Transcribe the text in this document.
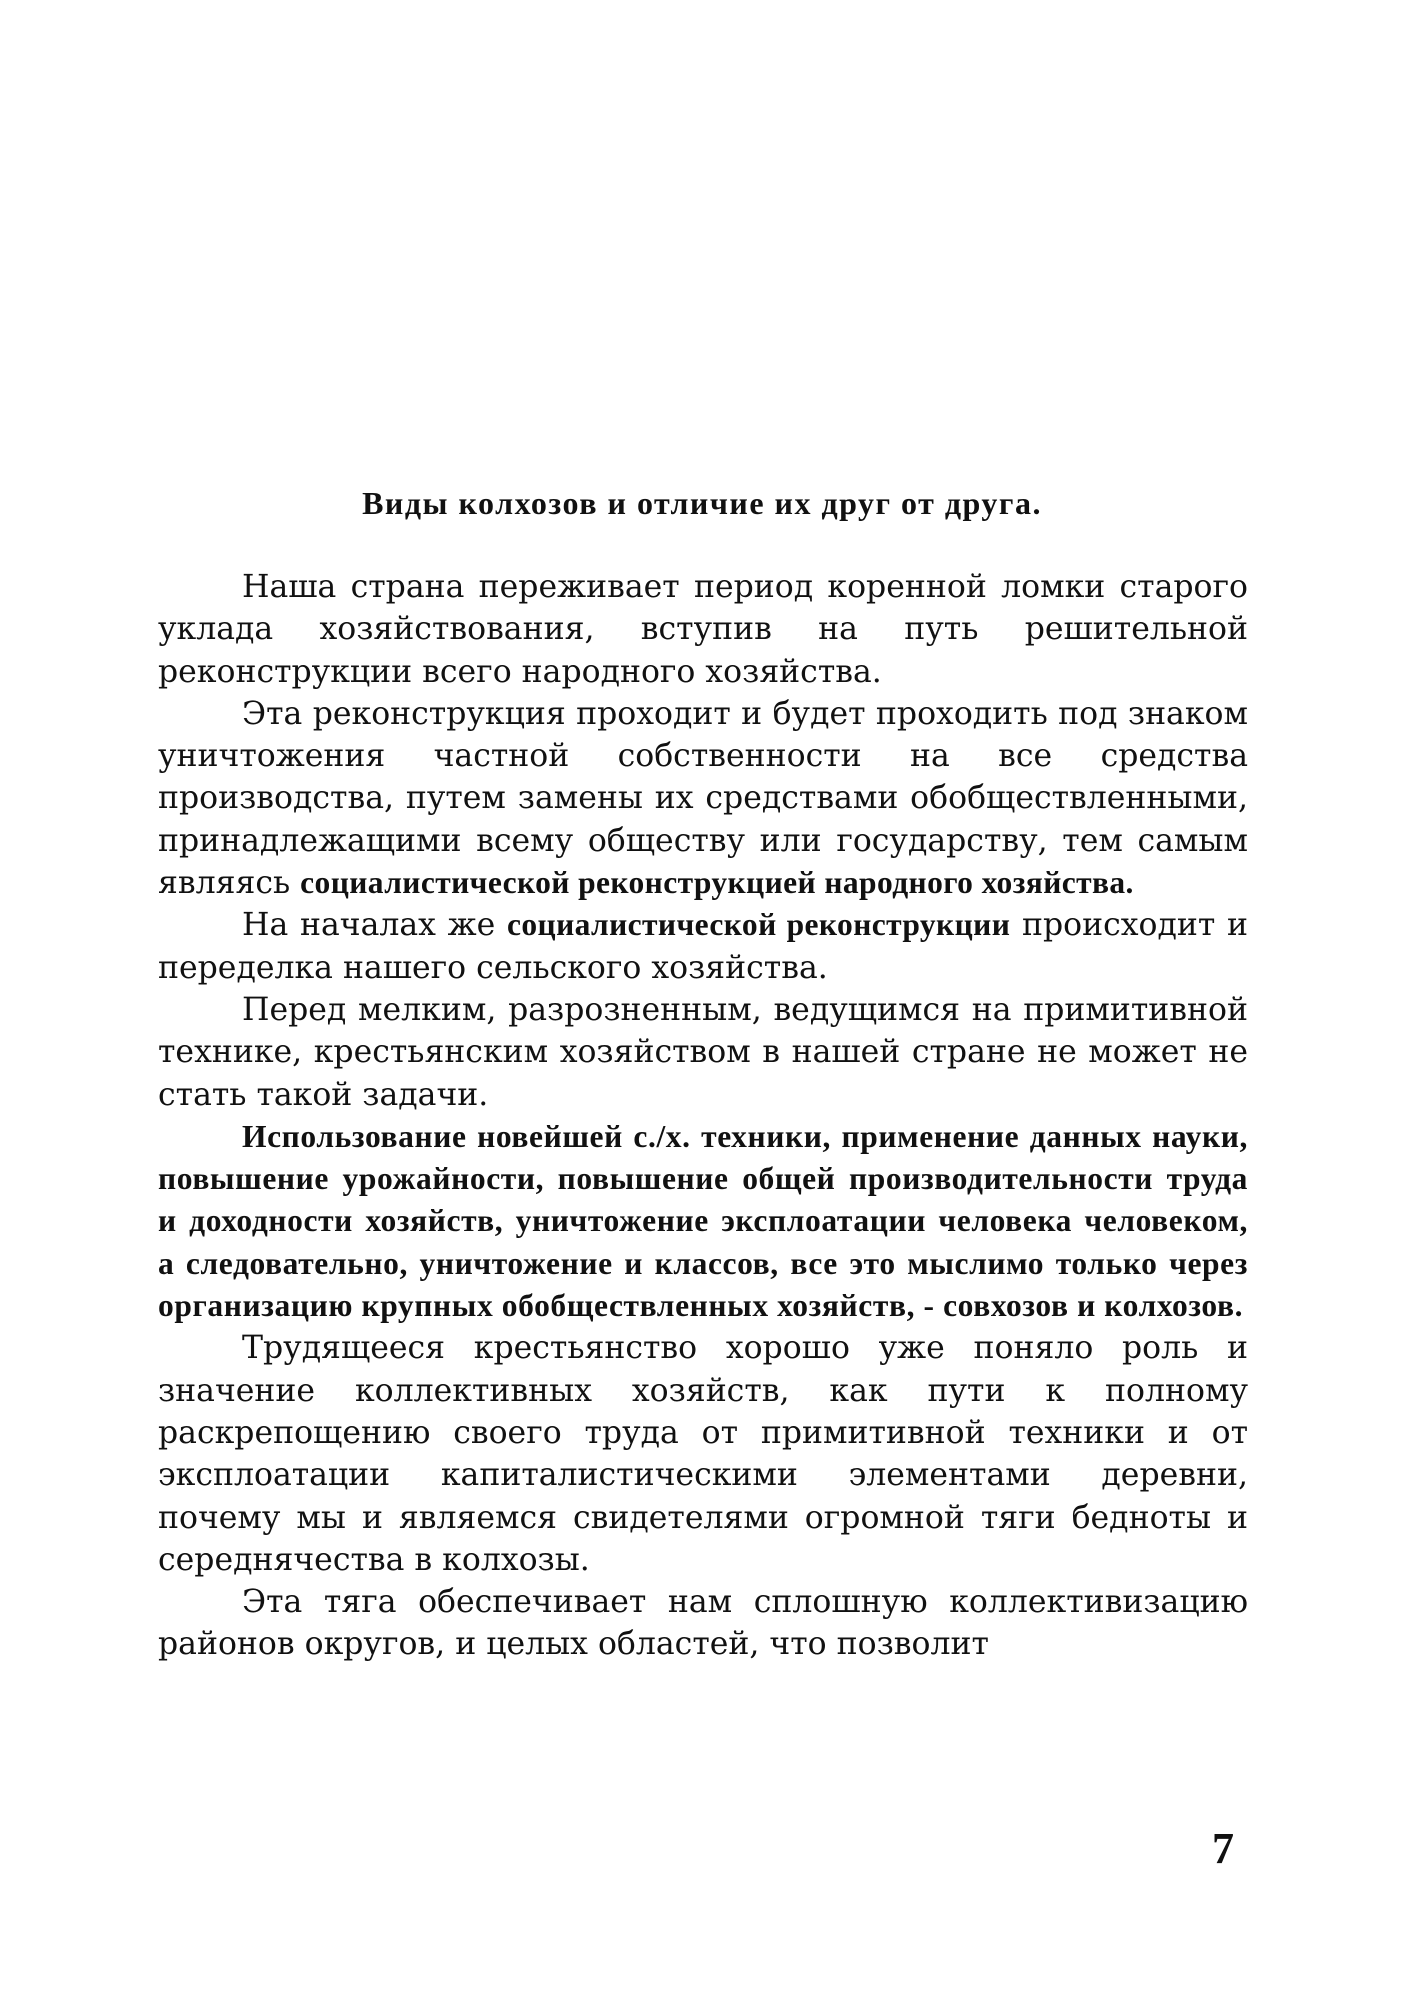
Виды колхозов и отличие их друг от друга.

Наша страна переживает период коренной ломки старого уклада хозяйствования, вступив на путь решительной реконструкции всего народного хозяйства.

Эта реконструкция проходит и будет проходить под знаком уничтожения частной собственности на все средства производства, путем замены их средствами обобществленными, принадлежащими всему обществу или государству, тем самым являясь социалистической реконструкцией народного хозяйства.

На началах же социалистической реконструкции происходит и переделка нашего сельского хозяйства.

Перед мелким, разрозненным, ведущимся на примитивной технике, крестьянским хозяйством в нашей стране не может не стать такой задачи.

Использование новейшей с./х. техники, применение данных науки, повышение урожайности, повышение общей производительности труда и доходности хозяйств, уничтожение эксплоатации человека человеком, а следовательно, уничтожение и классов, все это мыслимо только через организацию крупных обобществленных хозяйств, - совхозов и колхозов.

Трудящееся крестьянство хорошо уже поняло роль и значение коллективных хозяйств, как пути к полному раскрепощению своего труда от примитивной техники и от эксплоатации капиталистическими элементами деревни, почему мы и являемся свидетелями огромной тяги бедноты и середнячества в колхозы.

Эта тяга обеспечивает нам сплошную коллективизацию районов округов, и целых областей, что позволит

7
